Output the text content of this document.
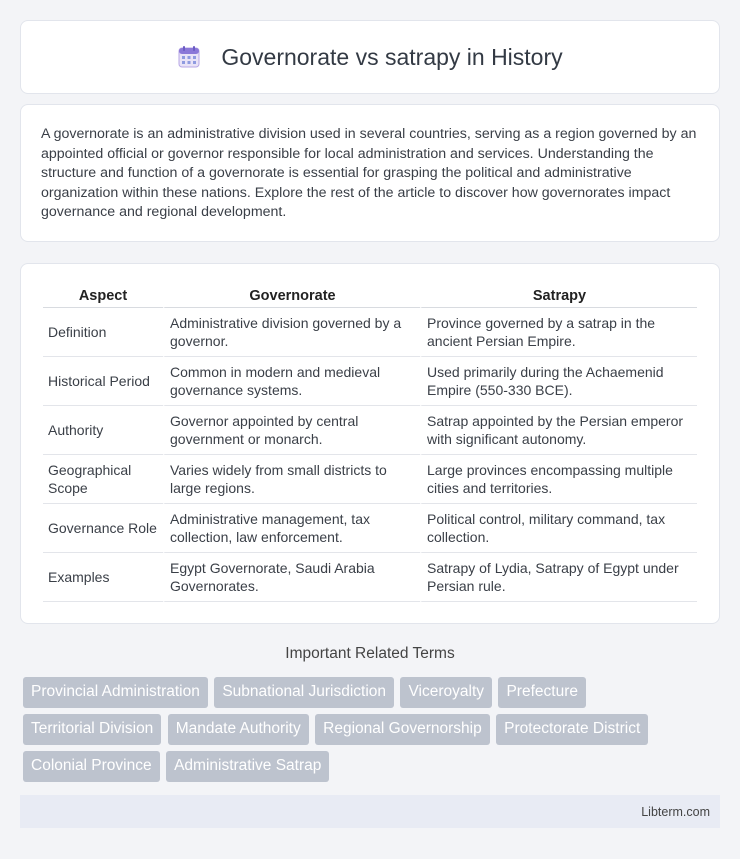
Governorate vs satrapy in History

A governorate is an administrative division used in several countries, serving as a region governed by an appointed official or governor responsible for local administration and services. Understanding the structure and function of a governorate is essential for grasping the political and administrative organization within these nations. Explore the rest of the article to discover how governorates impact governance and regional development.

Aspect	Governorate	Satrapy
Definition	Administrative division governed by a governor.	Province governed by a satrap in the ancient Persian Empire.
Historical Period	Common in modern and medieval governance systems.	Used primarily during the Achaemenid Empire (550-330 BCE).
Authority	Governor appointed by central government or monarch.	Satrap appointed by the Persian emperor with significant autonomy.
Geographical Scope	Varies widely from small districts to large regions.	Large provinces encompassing multiple cities and territories.
Governance Role	Administrative management, tax collection, law enforcement.	Political control, military command, tax collection.
Examples	Egypt Governorate, Saudi Arabia Governorates.	Satrapy of Lydia, Satrapy of Egypt under Persian rule.
Important Related Terms
Provincial Administration Subnational Jurisdiction Viceroyalty Prefecture Territorial Division Mandate Authority Regional Governorship Protectorate District Colonial Province Administrative Satrap
Libterm.com
